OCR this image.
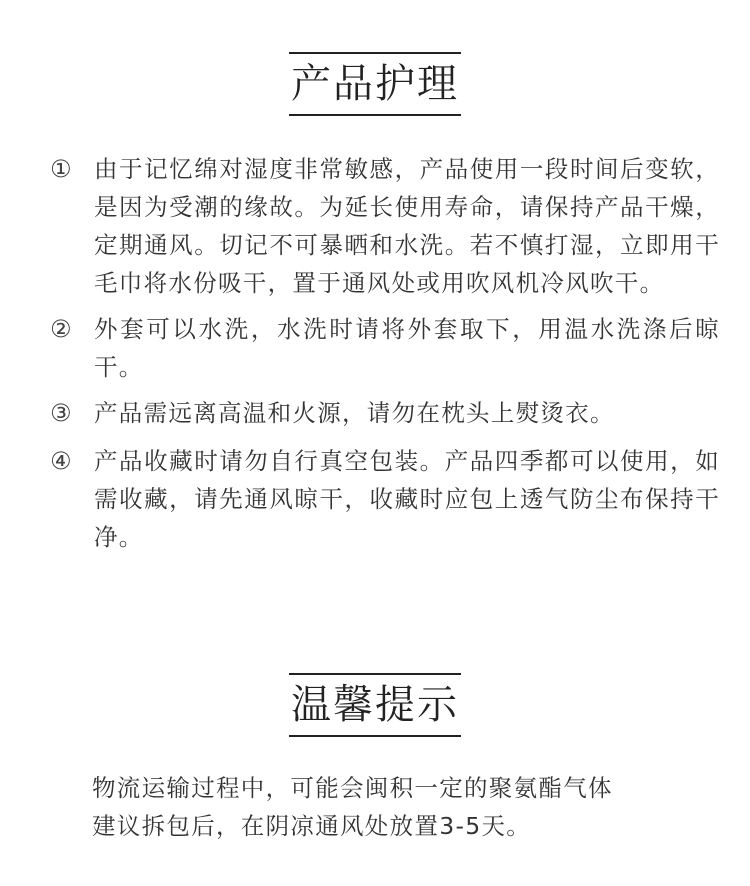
产品护理
① 由于记忆绵对湿度非常敏感，产品使用一段时间后变软，是因为受潮的缘故。为延长使用寿命，请保持产品干燥，定期通风。切记不可暴晒和水洗。若不慎打湿，立即用干毛巾将水份吸干，置于通风处或用吹风机冷风吹干。
② 外套可以水洗，水洗时请将外套取下，用温水洗涤后晾干。
③ 产品需远离高温和火源，请勿在枕头上熨烫衣。
④ 产品收藏时请勿自行真空包装。产品四季都可以使用，如需收藏，请先通风晾干，收藏时应包上透气防尘布保持干净。
温馨提示
物流运输过程中，可能会闽积一定的聚氨酯气体
建议拆包后，在阴凉通风处放置3-5天。
